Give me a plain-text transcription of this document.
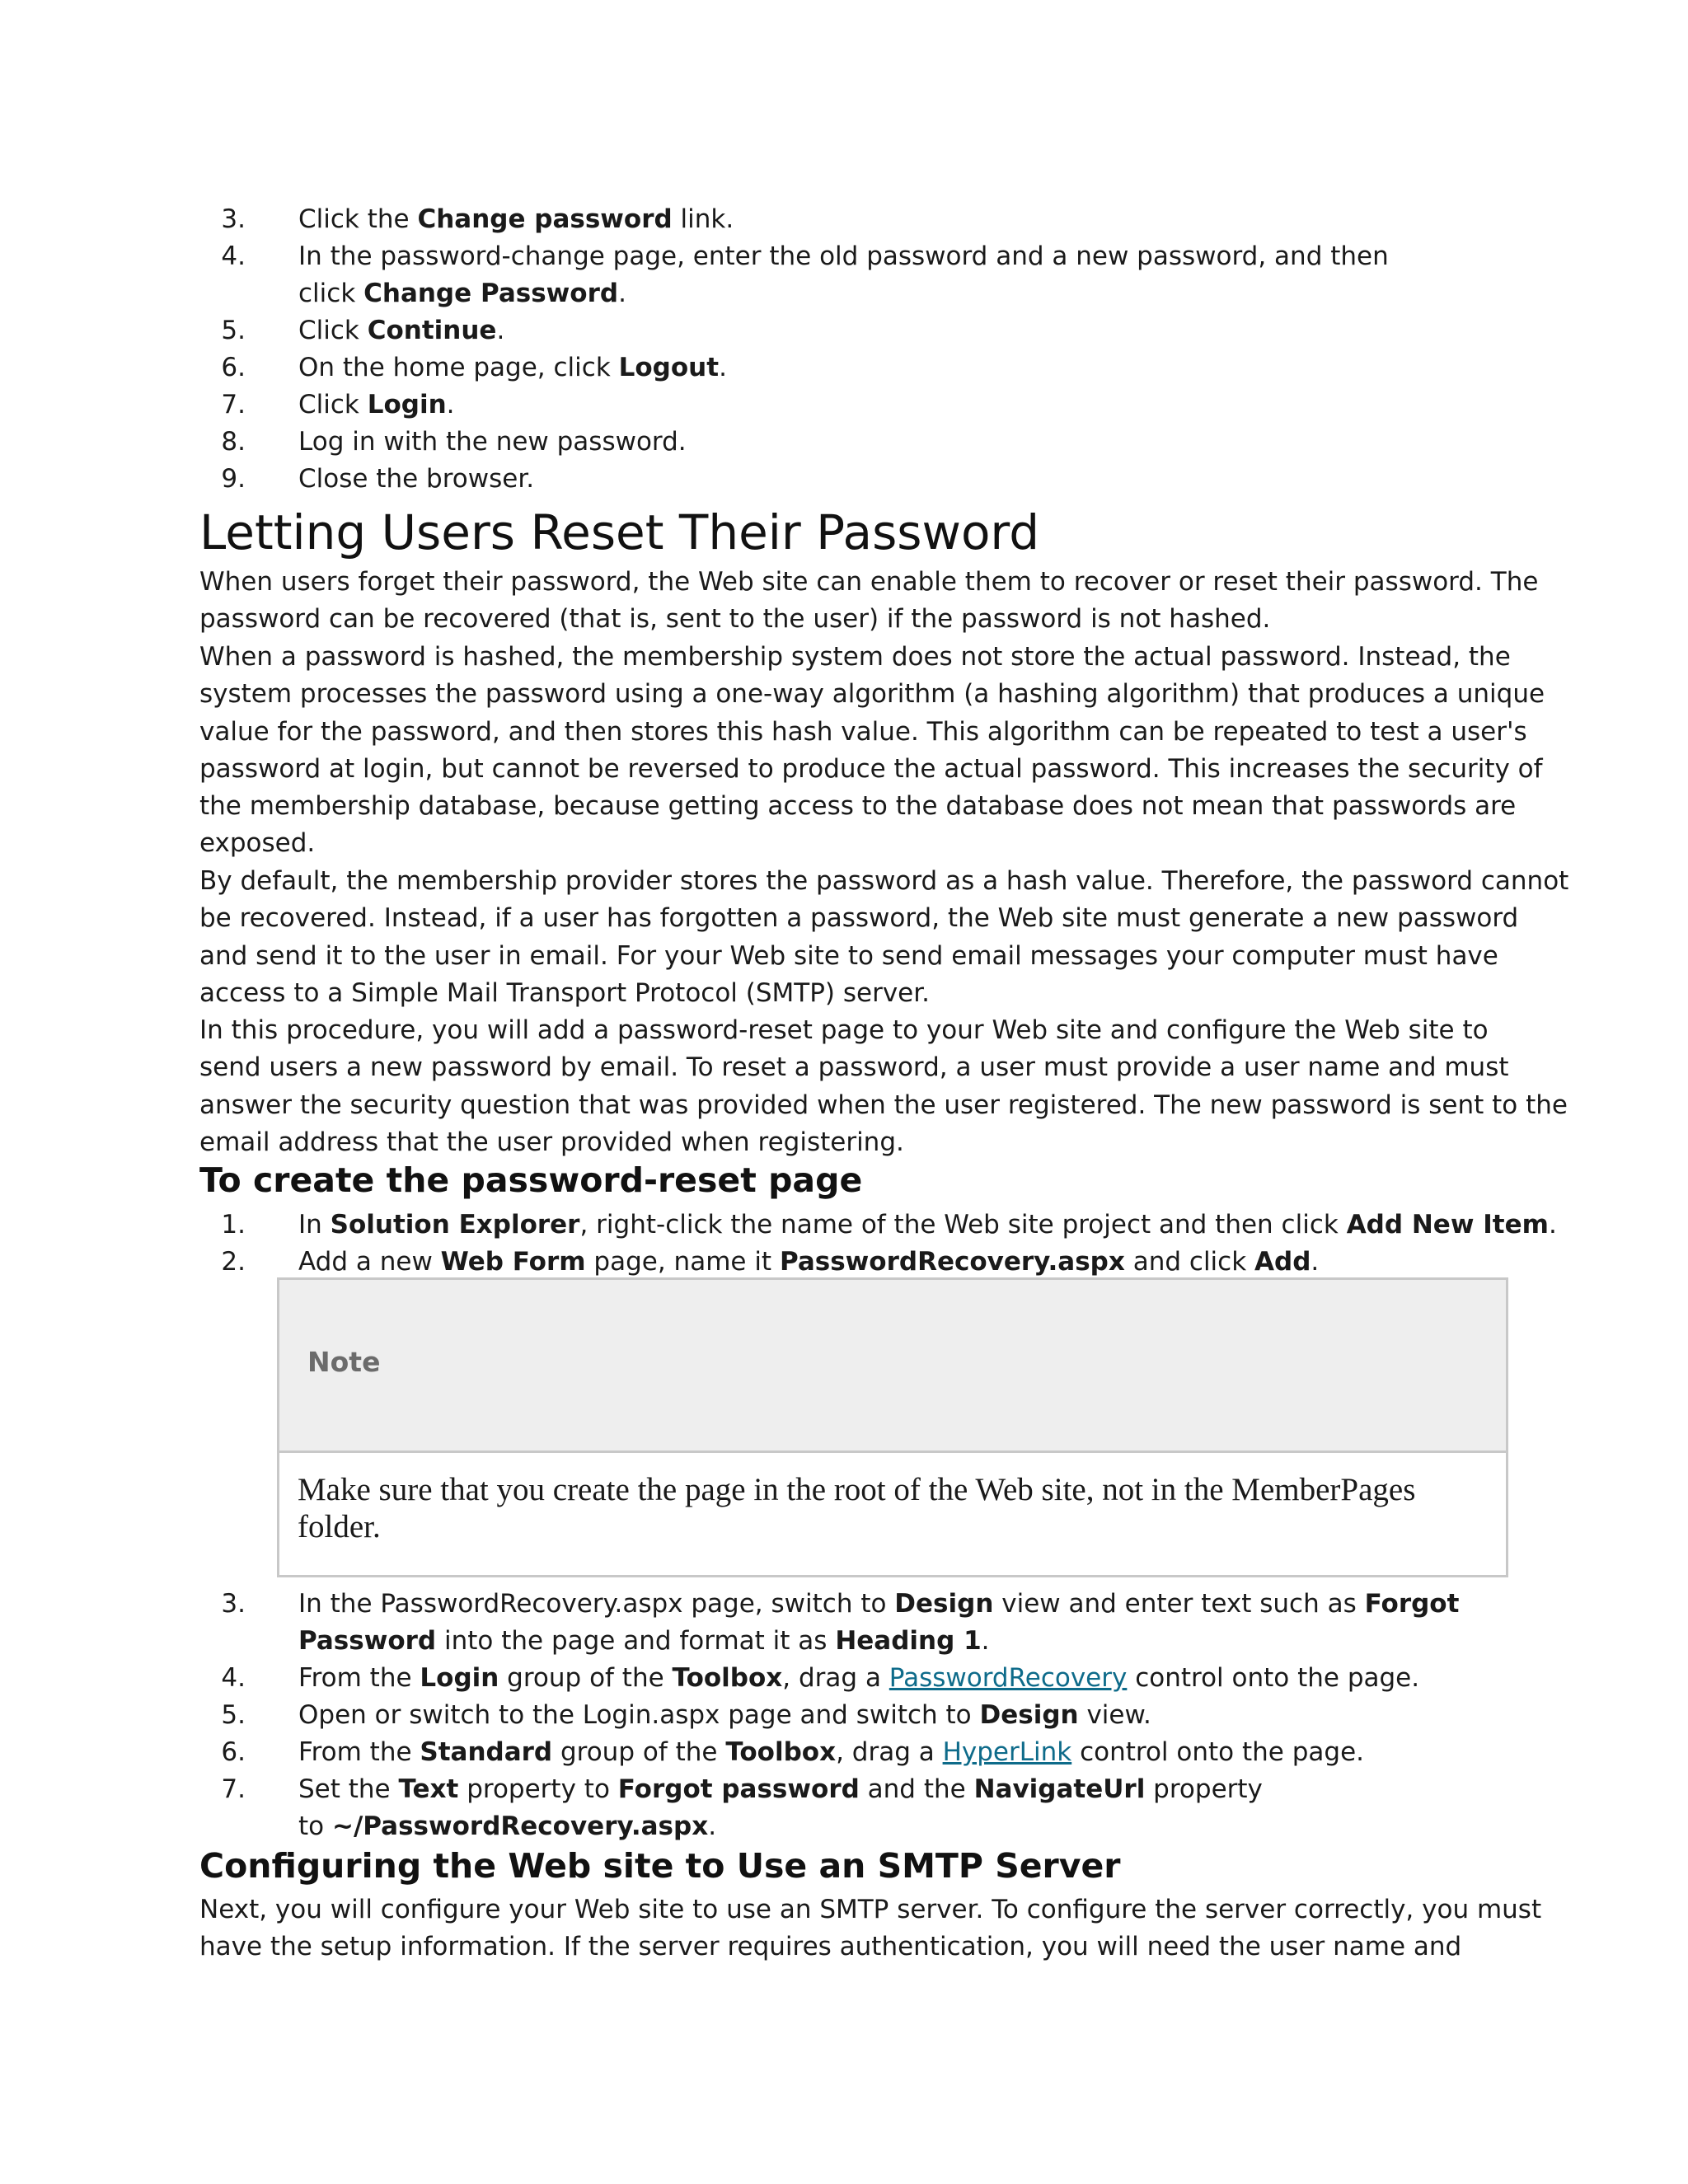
3. Click the Change password link.
4. In the password-change page, enter the old password and a new password, and then
click Change Password.
5. Click Continue.
6. On the home page, click Logout.
7. Click Login.
8. Log in with the new password.
9. Close the browser.
Letting Users Reset Their Password
When users forget their password, the Web site can enable them to recover or reset their password. The
password can be recovered (that is, sent to the user) if the password is not hashed.
When a password is hashed, the membership system does not store the actual password. Instead, the
system processes the password using a one-way algorithm (a hashing algorithm) that produces a unique
value for the password, and then stores this hash value. This algorithm can be repeated to test a user's
password at login, but cannot be reversed to produce the actual password. This increases the security of
the membership database, because getting access to the database does not mean that passwords are
exposed.
By default, the membership provider stores the password as a hash value. Therefore, the password cannot
be recovered. Instead, if a user has forgotten a password, the Web site must generate a new password
and send it to the user in email. For your Web site to send email messages your computer must have
access to a Simple Mail Transport Protocol (SMTP) server.
In this procedure, you will add a password-reset page to your Web site and configure the Web site to
send users a new password by email. To reset a password, a user must provide a user name and must
answer the security question that was provided when the user registered. The new password is sent to the
email address that the user provided when registering.
To create the password-reset page
1. In Solution Explorer, right-click the name of the Web site project and then click Add New Item.
2. Add a new Web Form page, name it PasswordRecovery.aspx and click Add.
Note
Make sure that you create the page in the root of the Web site, not in the MemberPages folder.
3. In the PasswordRecovery.aspx page, switch to Design view and enter text such as Forgot
Password into the page and format it as Heading 1.
4. From the Login group of the Toolbox, drag a PasswordRecovery control onto the page.
5. Open or switch to the Login.aspx page and switch to Design view.
6. From the Standard group of the Toolbox, drag a HyperLink control onto the page.
7. Set the Text property to Forgot password and the NavigateUrl property
to ~/PasswordRecovery.aspx.
Configuring the Web site to Use an SMTP Server
Next, you will configure your Web site to use an SMTP server. To configure the server correctly, you must
have the setup information. If the server requires authentication, you will need the user name and
